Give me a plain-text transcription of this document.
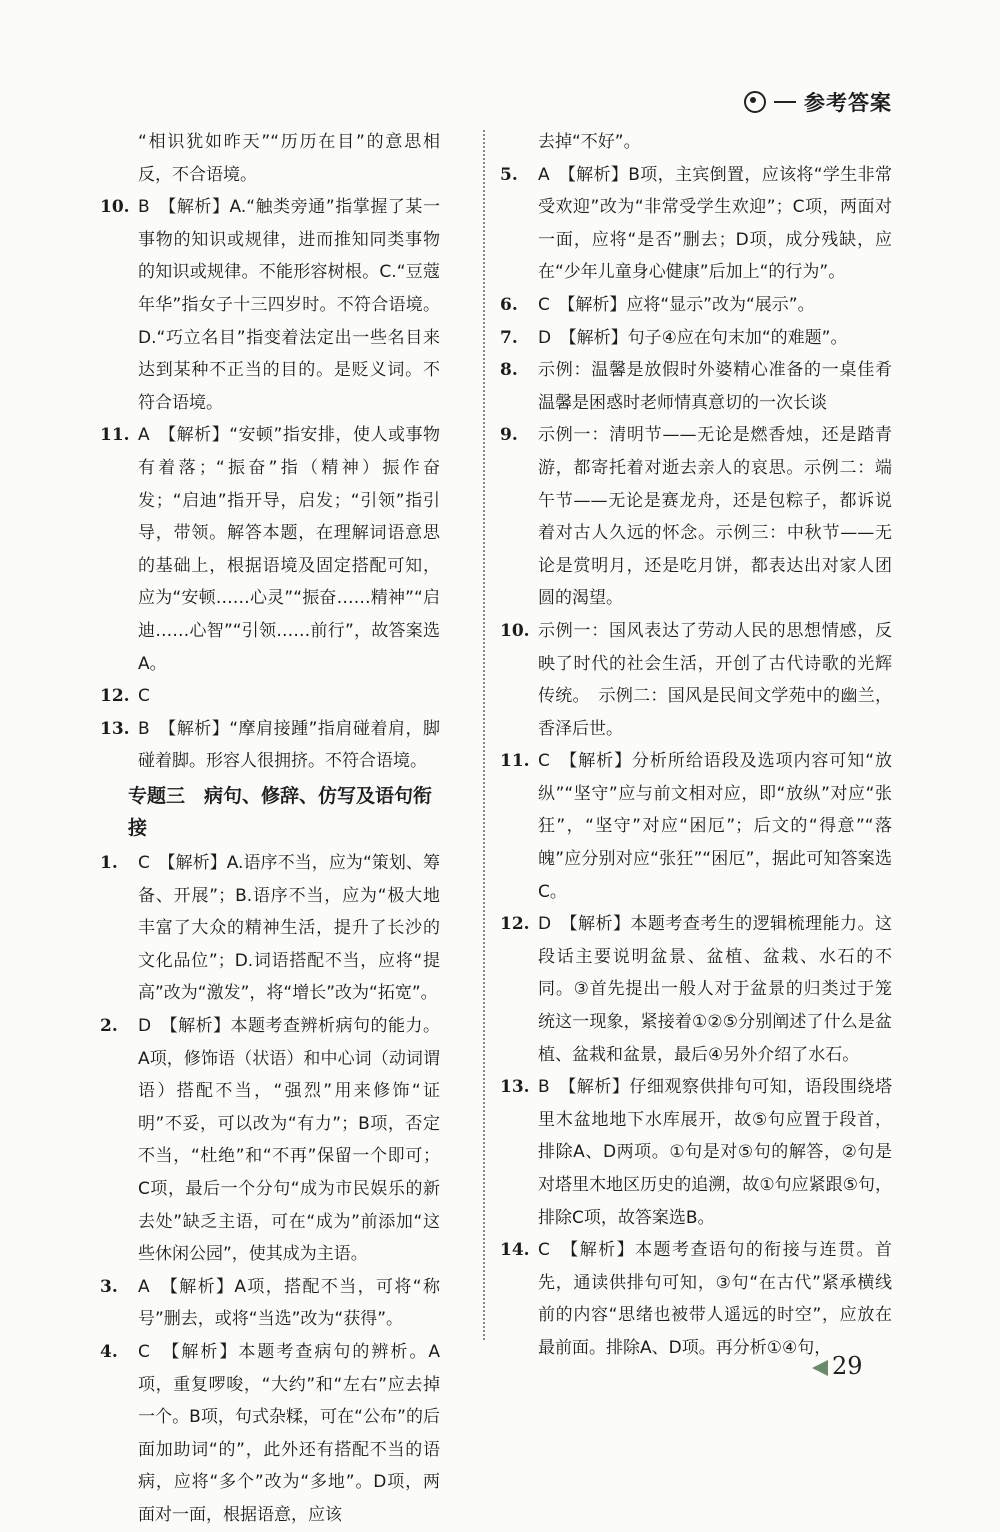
参考答案
“相识犹如昨天”“历历在目”的意思相反，不合语境。
10. B　【解析】A.“触类旁通”指掌握了某一事物的知识或规律，进而推知同类事物的知识或规律。不能形容树根。C.“豆蔻年华”指女子十三四岁时。不符合语境。D.“巧立名目”指变着法定出一些名目来达到某种不正当的目的。是贬义词。不符合语境。
11. A　【解析】“安顿”指安排，使人或事物有着落；“振奋”指（精神）振作奋发；“启迪”指开导，启发；“引领”指引导，带领。解答本题，在理解词语意思的基础上，根据语境及固定搭配可知，应为“安顿……心灵”“振奋……精神”“启迪……心智”“引领……前行”，故答案选A。
12. C
13. B　【解析】“摩肩接踵”指肩碰着肩，脚碰着脚。形容人很拥挤。不符合语境。
专题三　病句、修辞、仿写及语句衔接
1.	C　【解析】A.语序不当，应为“策划、筹备、开展”；B.语序不当，应为“极大地丰富了大众的精神生活，提升了长沙的文化品位”；D.词语搭配不当，应将“提高”改为“激发”，将“增长”改为“拓宽”。
2.	D　【解析】本题考查辨析病句的能力。A项，修饰语（状语）和中心词（动词谓语）搭配不当，“强烈”用来修饰“证明”不妥，可以改为“有力”；B项，否定不当，“杜绝”和“不再”保留一个即可；C项，最后一个分句“成为市民娱乐的新去处”缺乏主语，可在“成为”前添加“这些休闲公园”，使其成为主语。
3.	A　【解析】A项，搭配不当，可将“称号”删去，或将“当选”改为“获得”。
4.	C　【解析】本题考查病句的辨析。A项，重复啰唆，“大约”和“左右”应去掉一个。B项，句式杂糅，可在“公布”的后面加助词“的”，此外还有搭配不当的语病，应将“多个”改为“多地”。D项，两面对一面，根据语意，应该
去掉“不好”。
5.	A　【解析】B项，主宾倒置，应该将“学生非常受欢迎”改为“非常受学生欢迎”；C项，两面对一面，应将“是否”删去；D项，成分残缺，应在“少年儿童身心健康”后加上“的行为”。
6.	C　【解析】应将“显示”改为“展示”。
7.	D　【解析】句子④应在句末加“的难题”。
8.	示例：温馨是放假时外婆精心准备的一桌佳肴　温馨是困惑时老师情真意切的一次长谈
9.	示例一：清明节——无论是燃香烛，还是踏青游，都寄托着对逝去亲人的哀思。示例二：端午节——无论是赛龙舟，还是包粽子，都诉说着对古人久远的怀念。示例三：中秋节——无论是赏明月，还是吃月饼，都表达出对家人团圆的渴望。
10. 示例一：国风表达了劳动人民的思想情感，反映了时代的社会生活，开创了古代诗歌的光辉传统。　示例二：国风是民间文学苑中的幽兰，香泽后世。
11. C　【解析】分析所给语段及选项内容可知“放纵”“坚守”应与前文相对应，即“放纵”对应“张狂”，“坚守”对应“困厄”；后文的“得意”“落魄”应分别对应“张狂”“困厄”，据此可知答案选C。
12. D　【解析】本题考查考生的逻辑梳理能力。这段话主要说明盆景、盆植、盆栽、水石的不同。③首先提出一般人对于盆景的归类过于笼统这一现象，紧接着①②⑤分别阐述了什么是盆植、盆栽和盆景，最后④另外介绍了水石。
13. B　【解析】仔细观察供排句可知，语段围绕塔里木盆地地下水库展开，故⑤句应置于段首，排除A、D两项。①句是对⑤句的解答，②句是对塔里木地区历史的追溯，故①句应紧跟⑤句，排除C项，故答案选B。
14. C　【解析】本题考查语句的衔接与连贯。首先，通读供排句可知，③句“在古代”紧承横线前的内容“思绪也被带人遥远的时空”，应放在最前面。排除A、D项。再分析①④句，
29
